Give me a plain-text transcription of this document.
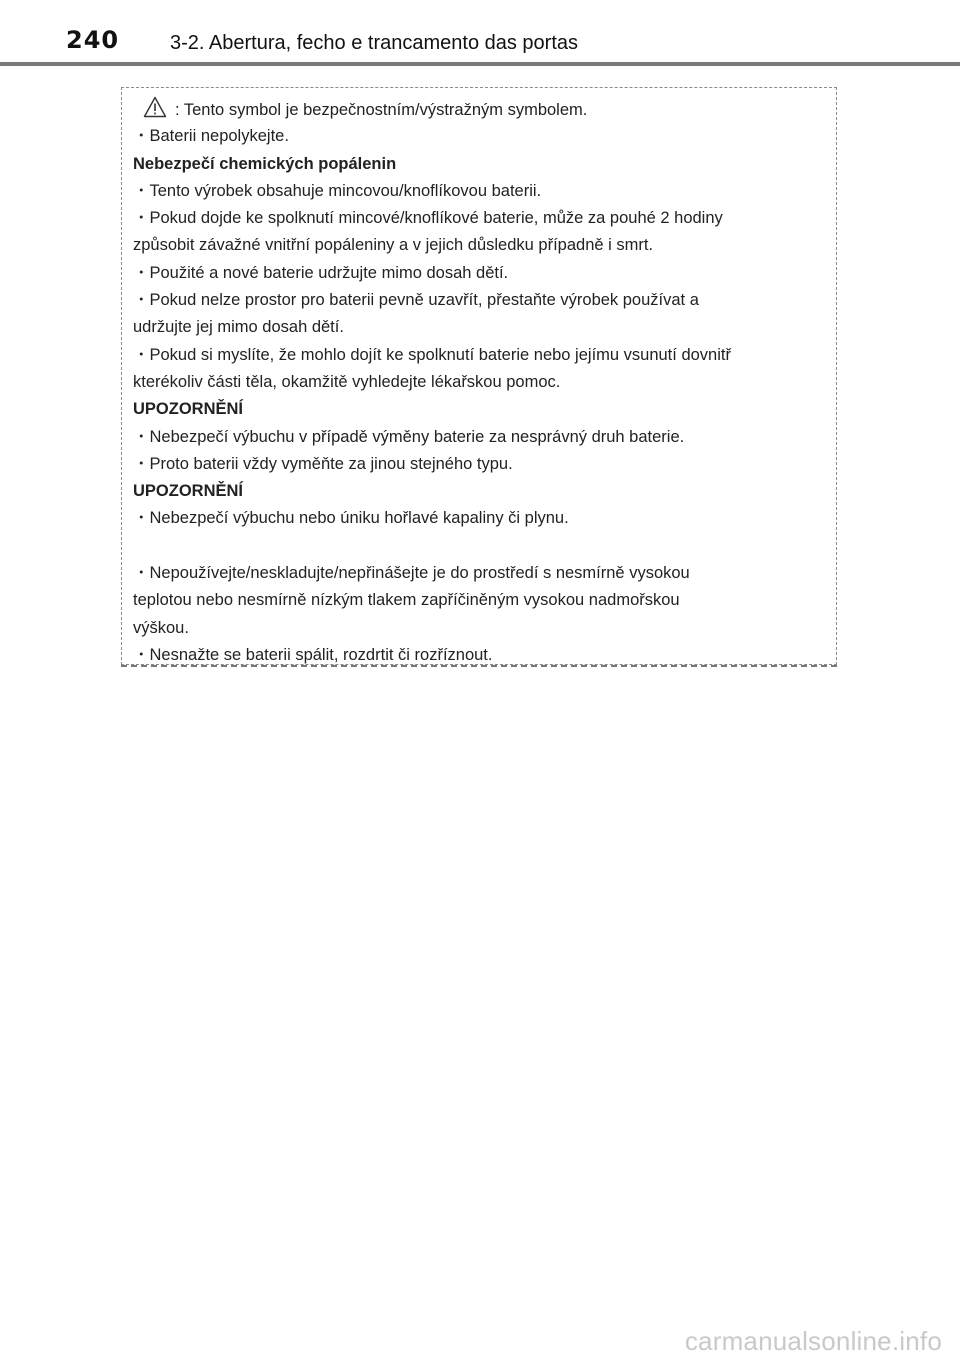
240	3-2. Abertura, fecho e trancamento das portas
: Tento symbol je bezpečnostním/výstražným symbolem.
・Baterii nepolykejte.
Nebezpečí chemických popálenin
・Tento výrobek obsahuje mincovou/knoflíkovou baterii.
・Pokud dojde ke spolknutí mincové/knoflíkové baterie, může za pouhé 2 hodiny
způsobit závažné vnitřní popáleniny a v jejich důsledku případně i smrt.
・Použité a nové baterie udržujte mimo dosah dětí.
・Pokud nelze prostor pro baterii pevně uzavřít, přestaňte výrobek používat a
udržujte jej mimo dosah dětí.
・Pokud si myslíte, že mohlo dojít ke spolknutí baterie nebo jejímu vsunutí dovnitř
kterékoliv části těla, okamžitě vyhledejte lékařskou pomoc.
UPOZORNĚNÍ
・Nebezpečí výbuchu v případě výměny baterie za nesprávný druh baterie.
・Proto baterii vždy vyměňte za jinou stejného typu.
UPOZORNĚNÍ
・Nebezpečí výbuchu nebo úniku hořlavé kapaliny či plynu.
・Nepoužívejte/neskladujte/nepřinášejte je do prostředí s nesmírně vysokou
teplotou nebo nesmírně nízkým tlakem zapříčiněným vysokou nadmořskou
výškou.
・Nesnažte se baterii spálit, rozdrtit či rozříznout.
carmanualsonline.info
